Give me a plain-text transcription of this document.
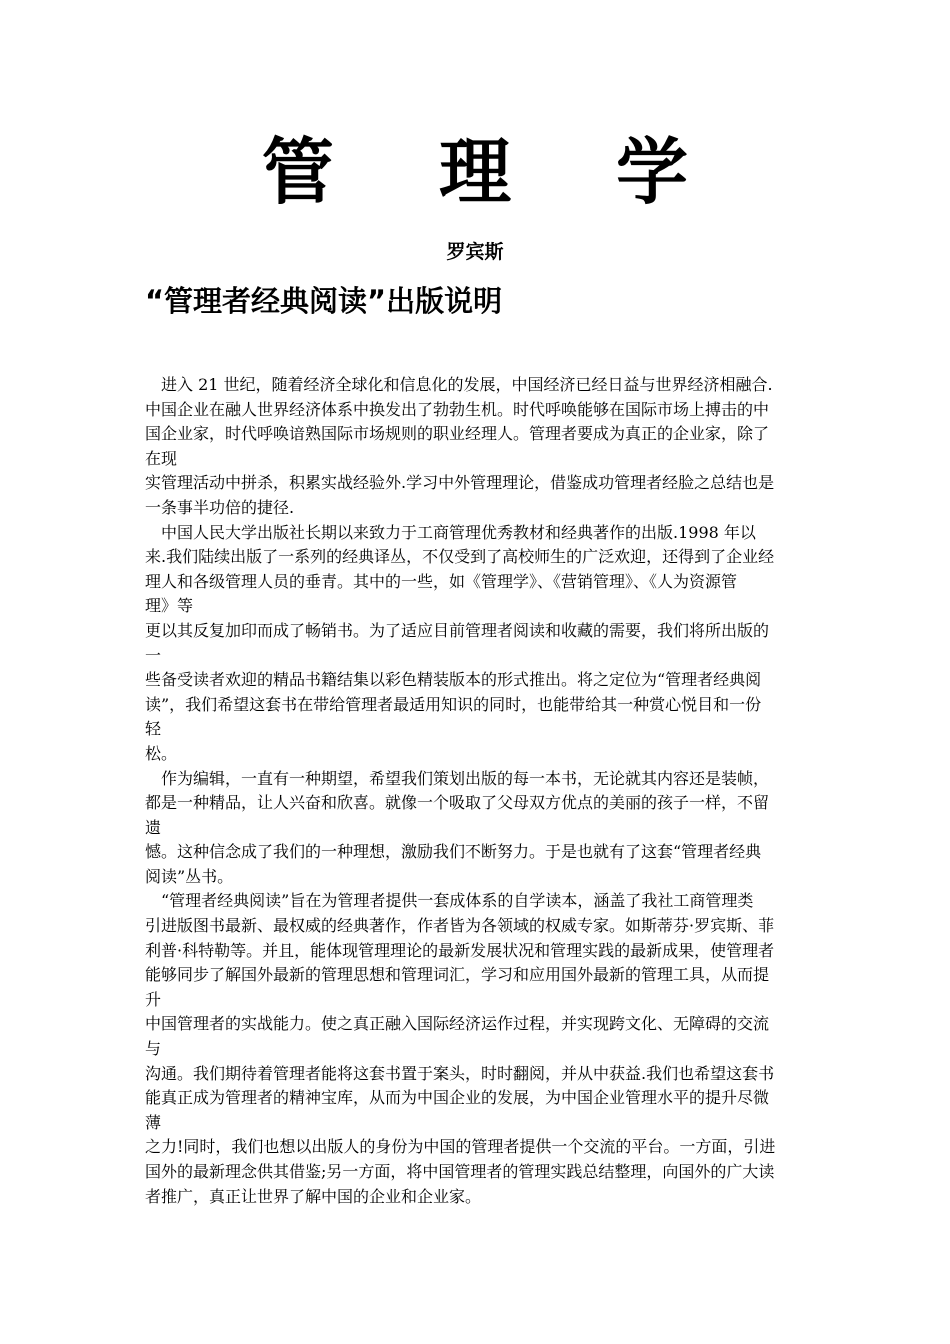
管 理 学
罗宾斯
“管理者经典阅读”出版说明
进入 21 世纪，随着经济全球化和信息化的发展，中国经济已经日益与世界经济相融合.
中国企业在融人世界经济体系中换发出了勃勃生机。时代呼唤能够在国际市场上搏击的中
国企业家，时代呼唤谙熟国际市场规则的职业经理人。管理者要成为真正的企业家，除了
在现
实管理活动中拼杀，积累实战经验外.学习中外管理理论，借鉴成功管理者经脸之总结也是
一条事半功倍的捷径.
中国人民大学出版社长期以来致力于工商管理优秀教材和经典著作的出版.1998 年以
来.我们陆续出版了一系列的经典译丛，不仅受到了高校师生的广泛欢迎，还得到了企业经
理人和各级管理人员的垂青。其中的一些，如《管理学》、《营销管理》、《人为资源管
理》等
更以其反复加印而成了畅销书。为了适应目前管理者阅读和收藏的需要，我们将所出版的
一
些备受读者欢迎的精品书籍结集以彩色精装版本的形式推出。将之定位为“管理者经典阅
读”，我们希望这套书在带给管理者最适用知识的同时，也能带给其一种赏心悦目和一份
轻
松。
作为编辑，一直有一种期望，希望我们策划出版的每一本书，无论就其内容还是装帧，
都是一种精品，让人兴奋和欣喜。就像一个吸取了父母双方优点的美丽的孩子一样，不留
遗
憾。这种信念成了我们的一种理想，激励我们不断努力。于是也就有了这套“管理者经典
阅读”丛书。
“管理者经典阅读”旨在为管理者提供一套成体系的自学读本，涵盖了我社工商管理类
引进版图书最新、最权威的经典著作，作者皆为各领域的权威专家。如斯蒂芬·罗宾斯、菲
利普·科特勒等。并且，能体现管理理论的最新发展状况和管理实践的最新成果，使管理者
能够同步了解国外最新的管理思想和管理词汇，学习和应用国外最新的管理工具，从而提
升
中国管理者的实战能力。使之真正融入国际经济运作过程，并实现跨文化、无障碍的交流
与
沟通。我们期待着管理者能将这套书置于案头，时时翻阅，并从中获益.我们也希望这套书
能真正成为管理者的精神宝库，从而为中国企业的发展，为中国企业管理水平的提升尽微
薄
之力!同时，我们也想以出版人的身份为中国的管理者提供一个交流的平台。一方面，引进
国外的最新理念供其借鉴;另一方面，将中国管理者的管理实践总结整理，向国外的广大读
者推广，真正让世界了解中国的企业和企业家。
